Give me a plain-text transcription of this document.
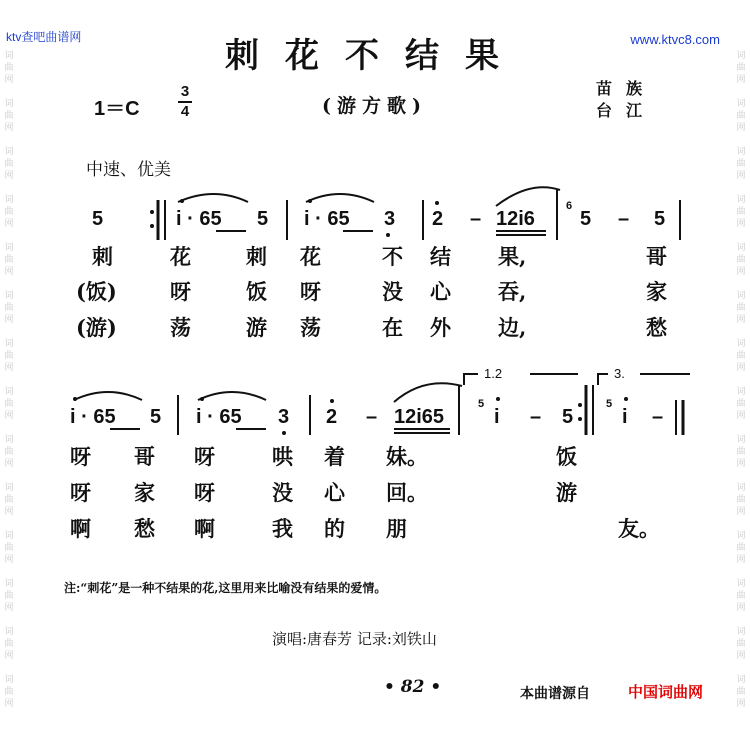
ktv查吧曲谱网	www.ktvc8.com
词
曲
网

词
曲
网

词
曲
网

词
曲
网

词
曲
网

词
曲
网

词
曲
网

词
曲
网

词
曲
网

词
曲
网

词
曲
网

词
曲
网

词
曲
网

词
曲
网

词
曲
网

词
曲
网

词
曲
网

词
曲
网

词
曲
网

词
曲
网

词
曲
网

词
曲
网

词
曲
网

词
曲
网

词
曲
网

词
曲
网

词
曲
网

词
曲
网

刺花不结果
1＝C
3
4	(游方歌)
苗族
台江
中速、优美
5	i · 65 5 i · 65 3 2 – 12i6
6
5 – 5
刺	花	刺 花	不 结 果,	哥
(饭)	呀	饭 呀	没 心 吞,	家
(游)	荡	游 荡	在 外 边,	愁
1.2	3.
i · 65 5 i · 65 3 2 – 12i65
5
i – 5
5
i –
呀 哥 呀	哄 着 妹。	饭
呀 家 呀	没 心 回。	游
啊 愁 啊	我 的 朋	友。
注:“刺花”是一种不结果的花,这里用来比喻没有结果的爱情。
演唱:唐春芳 记录:刘铁山
• 82 •	本曲谱源自	中国词曲网
